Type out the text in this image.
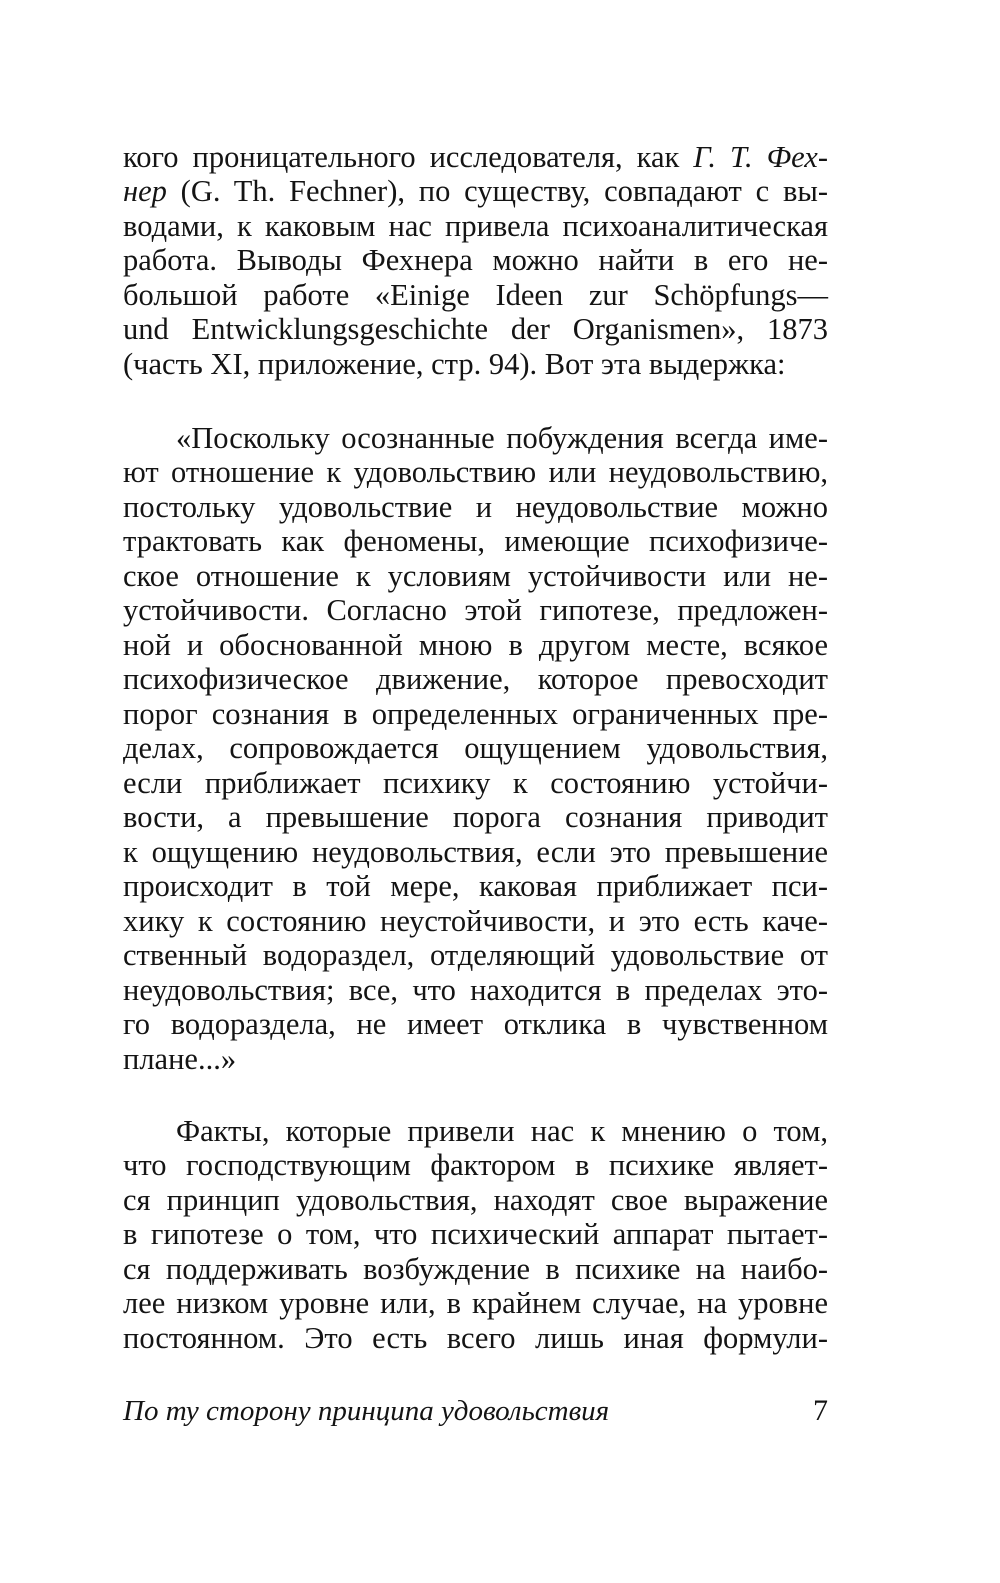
кого проницательного исследователя, как Г. Т. Фех-
нер (G. Th. Fechner), по существу, совпадают с вы-
водами, к каковым нас привела психоаналитическая
работа. Выводы Фехнера можно найти в его не-
большой работе «Einige Ideen zur Schöpfungs—
und Entwicklungsgeschichte der Organismen», 1873
(часть XI, приложение, стр. 94). Вот эта выдержка:
«Поскольку осознанные побуждения всегда име-
ют отношение к удовольствию или неудовольствию,
постольку удовольствие и неудовольствие можно
трактовать как феномены, имеющие психофизиче-
ское отношение к условиям устойчивости или не-
устойчивости. Согласно этой гипотезе, предложен-
ной и обоснованной мною в другом месте, всякое
психофизическое движение, которое превосходит
порог сознания в определенных ограниченных пре-
делах, сопровождается ощущением удовольствия,
если приближает психику к состоянию устойчи-
вости, а превышение порога сознания приводит
к ощущению неудовольствия, если это превышение
происходит в той мере, каковая приближает пси-
хику к состоянию неустойчивости, и это есть каче-
ственный водораздел, отделяющий удовольствие от
неудовольствия; все, что находится в пределах это-
го водораздела, не имеет отклика в чувственном
плане...»
Факты, которые привели нас к мнению о том,
что господствующим фактором в психике являет-
ся принцип удовольствия, находят свое выражение
в гипотезе о том, что психический аппарат пытает-
ся поддерживать возбуждение в психике на наибо-
лее низком уровне или, в крайнем случае, на уровне
постоянном. Это есть всего лишь иная формули-
По ту сторону принципа удовольствия	7
